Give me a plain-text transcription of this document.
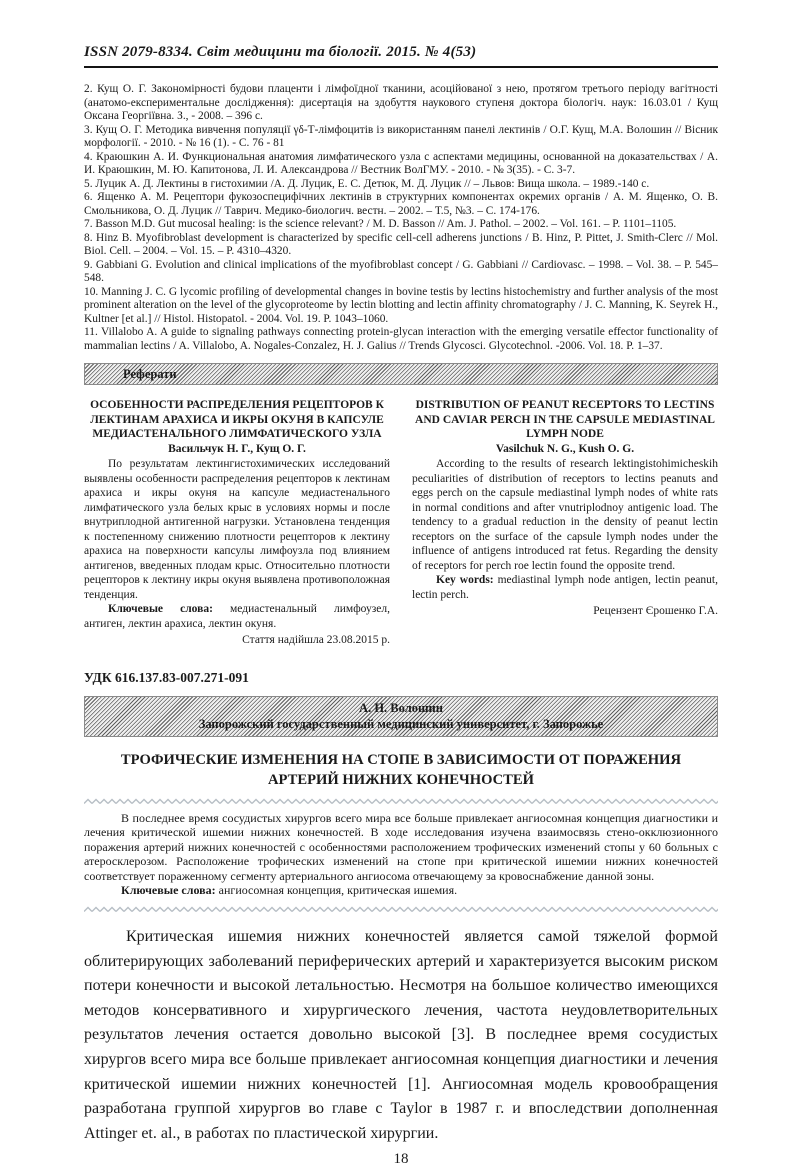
ISSN 2079-8334. Світ медицини та біології. 2015. № 4(53)
2. Кущ О. Г. Закономірності будови плаценти і лімфоїдної тканини, асоційованої з нею, протягом третього періоду вагітності (анатомо-експериментальне дослідження): дисертація на здобуття наукового ступеня доктора біологіч. наук: 16.03.01 / Кущ Оксана Георгіївна. З., - 2008. – 396 с.
3. Кущ О. Г. Методика вивчення популяції γδ-Т-лімфоцитів із використанням панелі лектинів / О.Г. Кущ, М.А. Волошин // Вісник морфології. - 2010. - № 16 (1). - С. 76 - 81
4. Краюшкин А. И. Функциональная анатомия лимфатического узла с аспектами медицины, основанной на доказательствах / А. И. Краюшкин, М. Ю. Капитонова, Л. И. Александрова // Вестник ВолГМУ. - 2010. - № 3(35). - С. 3-7.
5. Луцик А. Д. Лектины в гистохимии /А. Д. Луцик, Е. С. Детюк, М. Д. Луцик // – Львов: Вища школа. – 1989.-140 с.
6. Ященко А. М. Рецептори фукозоспецифічних лектинів в структурних компонентах окремих органів / А. М. Ященко, О. В. Смольникова, О. Д. Луцик // Таврич. Медико-биологич. вестн. – 2002. – Т.5, №3. – С. 174-176.
7. Basson M.D. Gut mucosal healing: is the science relevant? / M. D. Basson // Am. J. Pathol. – 2002. – Vol. 161. – P. 1101–1105.
8. Hinz B. Myofibroblast development is characterized by specific cell-cell adherens junctions / B. Hinz, P. Pittet, J. Smith-Clerc // Mol. Biol. Cell. – 2004. – Vol. 15. – P. 4310–4320.
9. Gabbiani G. Evolution and clinical implications of the myofibroblast concept / G. Gabbiani // Cardiovasc. – 1998. – Vol. 38. – P. 545–548.
10. Manning J. C. G lycomic profiling of developmental changes in bovine testis by lectins histochemistry and further analysis of the most prominent alteration on the level of the glycoproteome by lectin blotting and lectin affinity chromatography / J. C. Manning, K. Seyrek H., Kultner [et al.] // Histol. Histopatol. - 2004. Vol. 19. P. 1043–1060.
11. Villalobo A. A guide to signaling pathways connecting protein-glycan interaction with the emerging versatile effector functionality of mammalian lectins / A. Villalobo, A. Nogales-Conzalez, H. J. Galius // Trends Glycosci. Glycotechnol. -2006. Vol. 18. P. 1–37.
Реферати
ОСОБЕННОСТИ РАСПРЕДЕЛЕНИЯ РЕЦЕПТОРОВ К ЛЕКТИНАМ АРАХИСА И ИКРЫ ОКУНЯ В КАПСУЛЕ МЕДИАСТЕНАЛЬНОГО ЛИМФАТИЧЕСКОГО УЗЛА
Васильчук Н. Г., Кущ О. Г.
По результатам лектингистохимических исследований выявлены особенности распределения рецепторов к лектинам арахиса и икры окуня на капсуле медиастенального лимфатического узла белых крыс в условиях нормы и после внутриплодной антигенной нагрузки. Установлена тенденция к постепенному снижению плотности рецепторов к лектину арахиса на поверхности капсулы лимфоузла под влиянием антигенов, введенных плодам крыс. Относительно плотности рецепторов к лектину икры окуня выявлена противоположная тенденция.
Ключевые слова: медиастенальный лимфоузел, антиген, лектин арахиса, лектин окуня.
Стаття надійшла 23.08.2015 р.
DISTRIBUTION OF PEANUT RECEPTORS TO LECTINS AND CAVIAR PERCH IN THE CAPSULE MEDIASTINAL LYMPH NODE
Vasilchuk N. G., Kush O. G.
According to the results of research lektingistohimicheskih peculiarities of distribution of receptors to lectins peanuts and eggs perch on the capsule mediastinal lymph nodes of white rats in normal conditions and after vnutriplodnoy antigenic load. The tendency to a gradual reduction in the density of peanut lectin receptors on the surface of the capsule lymph nodes under the influence of antigens introduced rat fetus. Regarding the density of receptors for perch roe lectin found the opposite trend.
Key words: mediastinal lymph node antigen, lectin peanut, lectin perch.
Рецензент Єрошенко Г.А.
УДК 616.137.83-007.271-091
А. Н. Волошин
Запорожский государственный медицинский университет, г. Запорожье
ТРОФИЧЕСКИЕ ИЗМЕНЕНИЯ НА СТОПЕ В ЗАВИСИМОСТИ ОТ ПОРАЖЕНИЯ АРТЕРИЙ НИЖНИХ КОНЕЧНОСТЕЙ
В последнее время сосудистых хирургов всего мира все больше привлекает ангиосомная концепция диагностики и лечения критической ишемии нижних конечностей. В ходе исследования изучена взаимосвязь стено-окклюзионного поражения артерий нижних конечностей с особенностями расположением трофических изменений стопы у 60 больных с атеросклерозом. Расположение трофических изменений на стопе при критической ишемии нижних конечностей соответствует пораженному сегменту артериального ангиосома отвечающему за кровоснабжение данной зоны.
Ключевые слова: ангиосомная концепция, критическая ишемия.
Критическая ишемия нижних конечностей является самой тяжелой формой облитерирующих заболеваний периферических артерий и характеризуется высоким риском потери конечности и высокой летальностью. Несмотря на большое количество имеющихся методов консервативного и хирургического лечения, частота неудовлетворительных результатов лечения остается довольно высокой [3]. В последнее время сосудистых хирургов всего мира все больше привлекает ангиосомная концепция диагностики и лечения критической ишемии нижних конечностей [1]. Ангиосомная модель кровообращения разработана группой хирургов во главе с Taylor в 1987 г. и впоследствии дополненная Attinger et. al., в работах по пластической хирургии.
18
